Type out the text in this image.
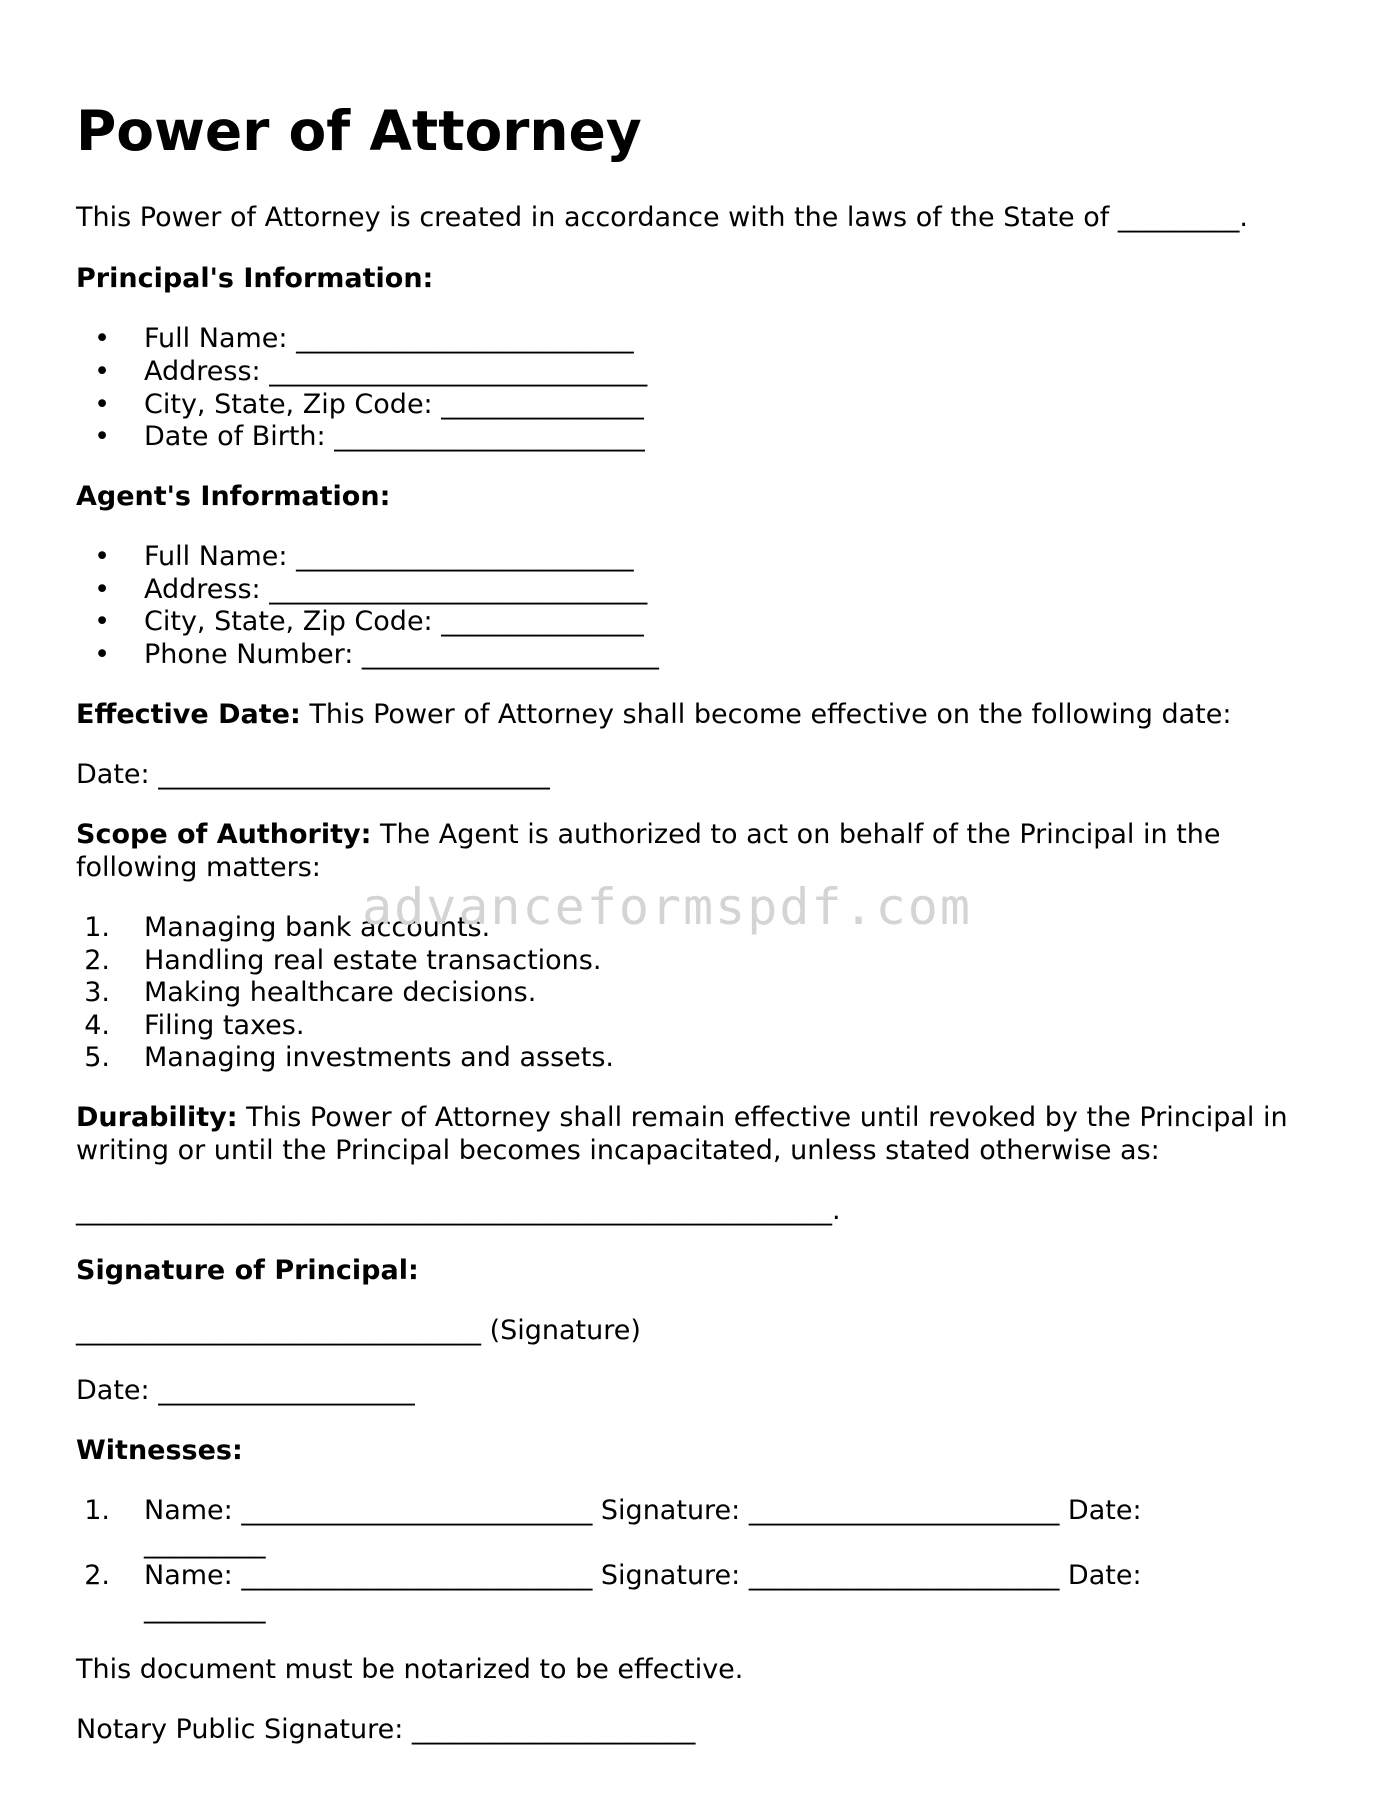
Power of Attorney

This Power of Attorney is created in accordance with the laws of the State of _________.

Principal's Information:

• Full Name: _________________________
• Address: ____________________________
• City, State, Zip Code: _______________
• Date of Birth: _______________________

Agent's Information:

• Full Name: _________________________
• Address: ____________________________
• City, State, Zip Code: _______________
• Phone Number: ______________________

Effective Date: This Power of Attorney shall become effective on the following date:

Date: _____________________________

Scope of Authority: The Agent is authorized to act on behalf of the Principal in the

following matters:

1. Managing bank accounts.
2. Handling real estate transactions.
3. Making healthcare decisions.
4. Filing taxes.
5. Managing investments and assets.

Durability: This Power of Attorney shall remain effective until revoked by the Principal in

writing or until the Principal becomes incapacitated, unless stated otherwise as:

________________________________________________________.

Signature of Principal:

______________________________ (Signature)

Date: ___________________

Witnesses:

1. Name: __________________________ Signature: _______________________ Date:
_________
2. Name: __________________________ Signature: _______________________ Date:
_________

This document must be notarized to be effective.

Notary Public Signature: _____________________

advanceformspdf.com
